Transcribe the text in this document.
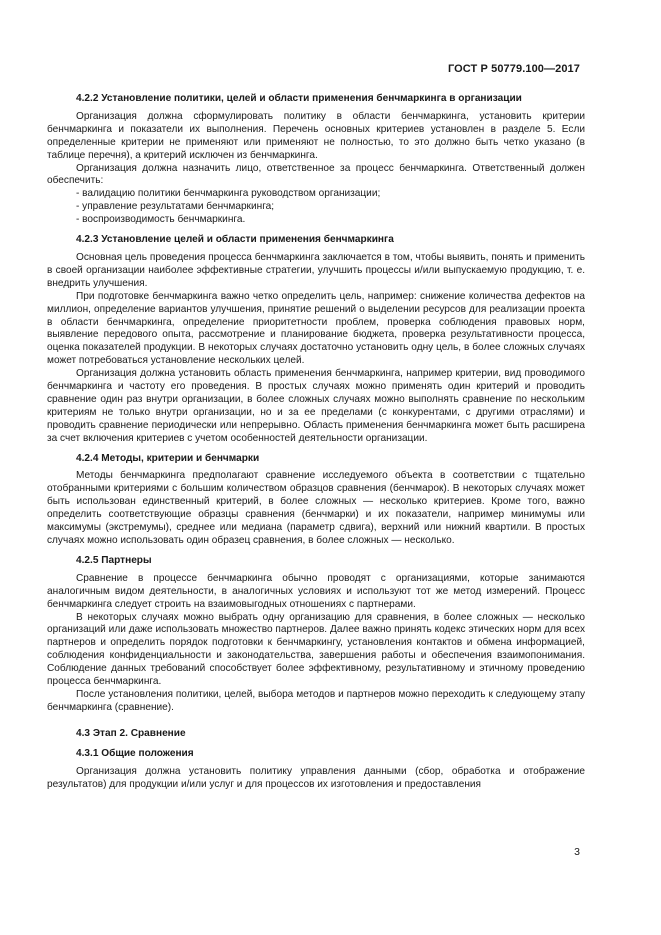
ГОСТ Р 50779.100—2017
4.2.2 Установление политики, целей и области применения бенчмаркинга в организации

Организация должна сформулировать политику в области бенчмаркинга, установить критерии бенчмаркинга и показатели их выполнения. Перечень основных критериев установлен в разделе 5. Если определенные критерии не применяют или применяют не полностью, то это должно быть четко указано (в таблице перечня), а критерий исключен из бенчмаркинга.

Организация должна назначить лицо, ответственное за процесс бенчмаркинга. Ответственный должен обеспечить:

- валидацию политики бенчмаркинга руководством организации;
- управление результатами бенчмаркинга;
- воспроизводимость бенчмаркинга.
4.2.3 Установление целей и области применения бенчмаркинга

Основная цель проведения процесса бенчмаркинга заключается в том, чтобы выявить, понять и применить в своей организации наиболее эффективные стратегии, улучшить процессы и/или выпускаемую продукцию, т. е. внедрить улучшения.

При подготовке бенчмаркинга важно четко определить цель, например: снижение количества дефектов на миллион, определение вариантов улучшения, принятие решений о выделении ресурсов для реализации проекта в области бенчмаркинга, определение приоритетности проблем, проверка соблюдения правовых норм, выявление передового опыта, рассмотрение и планирование бюджета, проверка результативности процесса, оценка показателей продукции. В некоторых случаях достаточно установить одну цель, в более сложных случаях может потребоваться установление нескольких целей.

Организация должна установить область применения бенчмаркинга, например критерии, вид проводимого бенчмаркинга и частоту его проведения. В простых случаях можно применять один критерий и проводить сравнение один раз внутри организации, в более сложных случаях можно выполнять сравнение по нескольким критериям не только внутри организации, но и за ее пределами (с конкурентами, с другими отраслями) и проводить сравнение периодически или непрерывно. Область применения бенчмаркинга может быть расширена за счет включения критериев с учетом особенностей деятельности организации.

4.2.4 Методы, критерии и бенчмарки

Методы бенчмаркинга предполагают сравнение исследуемого объекта в соответствии с тщательно отобранными критериями с большим количеством образцов сравнения (бенчмарок). В некоторых случаях может быть использован единственный критерий, в более сложных — несколько критериев. Кроме того, важно определить соответствующие образцы сравнения (бенчмарки) и их показатели, например минимумы или максимумы (экстремумы), среднее или медиана (параметр сдвига), верхний или нижний квартили. В простых случаях можно использовать один образец сравнения, в более сложных — несколько.

4.2.5 Партнеры

Сравнение в процессе бенчмаркинга обычно проводят с организациями, которые занимаются аналогичным видом деятельности, в аналогичных условиях и используют тот же метод измерений. Процесс бенчмаркинга следует строить на взаимовыгодных отношениях с партнерами.

В некоторых случаях можно выбрать одну организацию для сравнения, в более сложных — несколько организаций или даже использовать множество партнеров. Далее важно принять кодекс этических норм для всех партнеров и определить порядок подготовки к бенчмаркингу, установления контактов и обмена информацией, соблюдения конфиденциальности и законодательства, завершения работы и обеспечения взаимопонимания. Соблюдение данных требований способствует более эффективному, результативному и этичному проведению процесса бенчмаркинга.

После установления политики, целей, выбора методов и партнеров можно переходить к следующему этапу бенчмаркинга (сравнение).

4.3 Этап 2. Сравнение
4.3.1 Общие положения

Организация должна установить политику управления данными (сбор, обработка и отображение результатов) для продукции и/или услуг и для процессов их изготовления и предоставления

3
